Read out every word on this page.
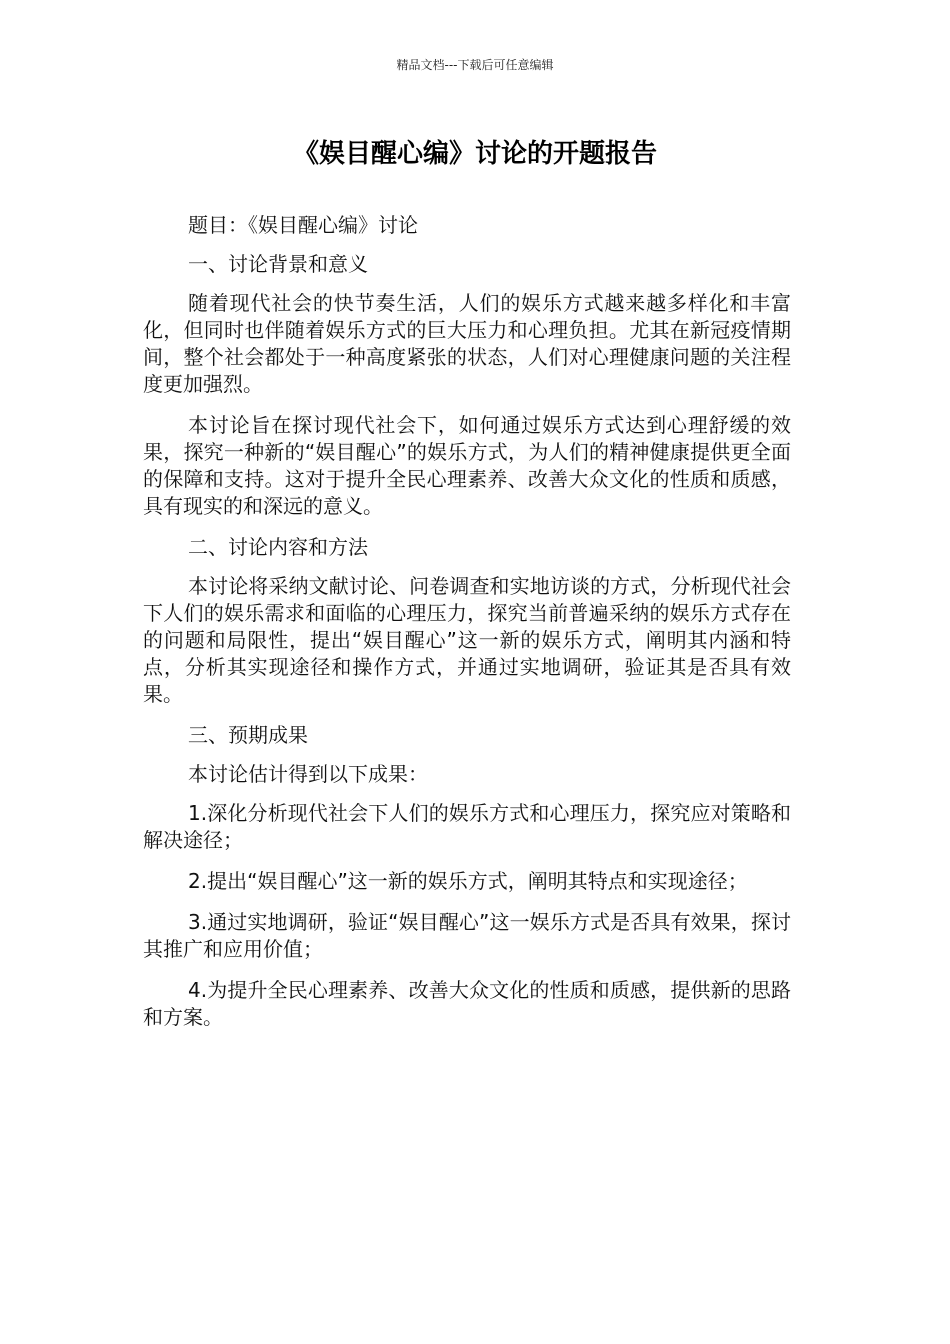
精品文档---下载后可任意编辑
《娱目醒心编》讨论的开题报告

题目：《娱目醒心编》讨论

一、讨论背景和意义

随着现代社会的快节奏生活，人们的娱乐方式越来越多样化和丰富化，但同时也伴随着娱乐方式的巨大压力和心理负担。尤其在新冠疫情期间，整个社会都处于一种高度紧张的状态，人们对心理健康问题的关注程度更加强烈。

本讨论旨在探讨现代社会下，如何通过娱乐方式达到心理舒缓的效果，探究一种新的“娱目醒心”的娱乐方式，为人们的精神健康提供更全面的保障和支持。这对于提升全民心理素养、改善大众文化的性质和质感，具有现实的和深远的意义。

二、讨论内容和方法

本讨论将采纳文献讨论、问卷调查和实地访谈的方式，分析现代社会下人们的娱乐需求和面临的心理压力，探究当前普遍采纳的娱乐方式存在的问题和局限性，提出“娱目醒心”这一新的娱乐方式，阐明其内涵和特点，分析其实现途径和操作方式，并通过实地调研，验证其是否具有效果。

三、预期成果

本讨论估计得到以下成果：

1.深化分析现代社会下人们的娱乐方式和心理压力，探究应对策略和解决途径；

2.提出“娱目醒心”这一新的娱乐方式，阐明其特点和实现途径；

3.通过实地调研，验证“娱目醒心”这一娱乐方式是否具有效果，探讨其推广和应用价值；

4.为提升全民心理素养、改善大众文化的性质和质感，提供新的思路和方案。
